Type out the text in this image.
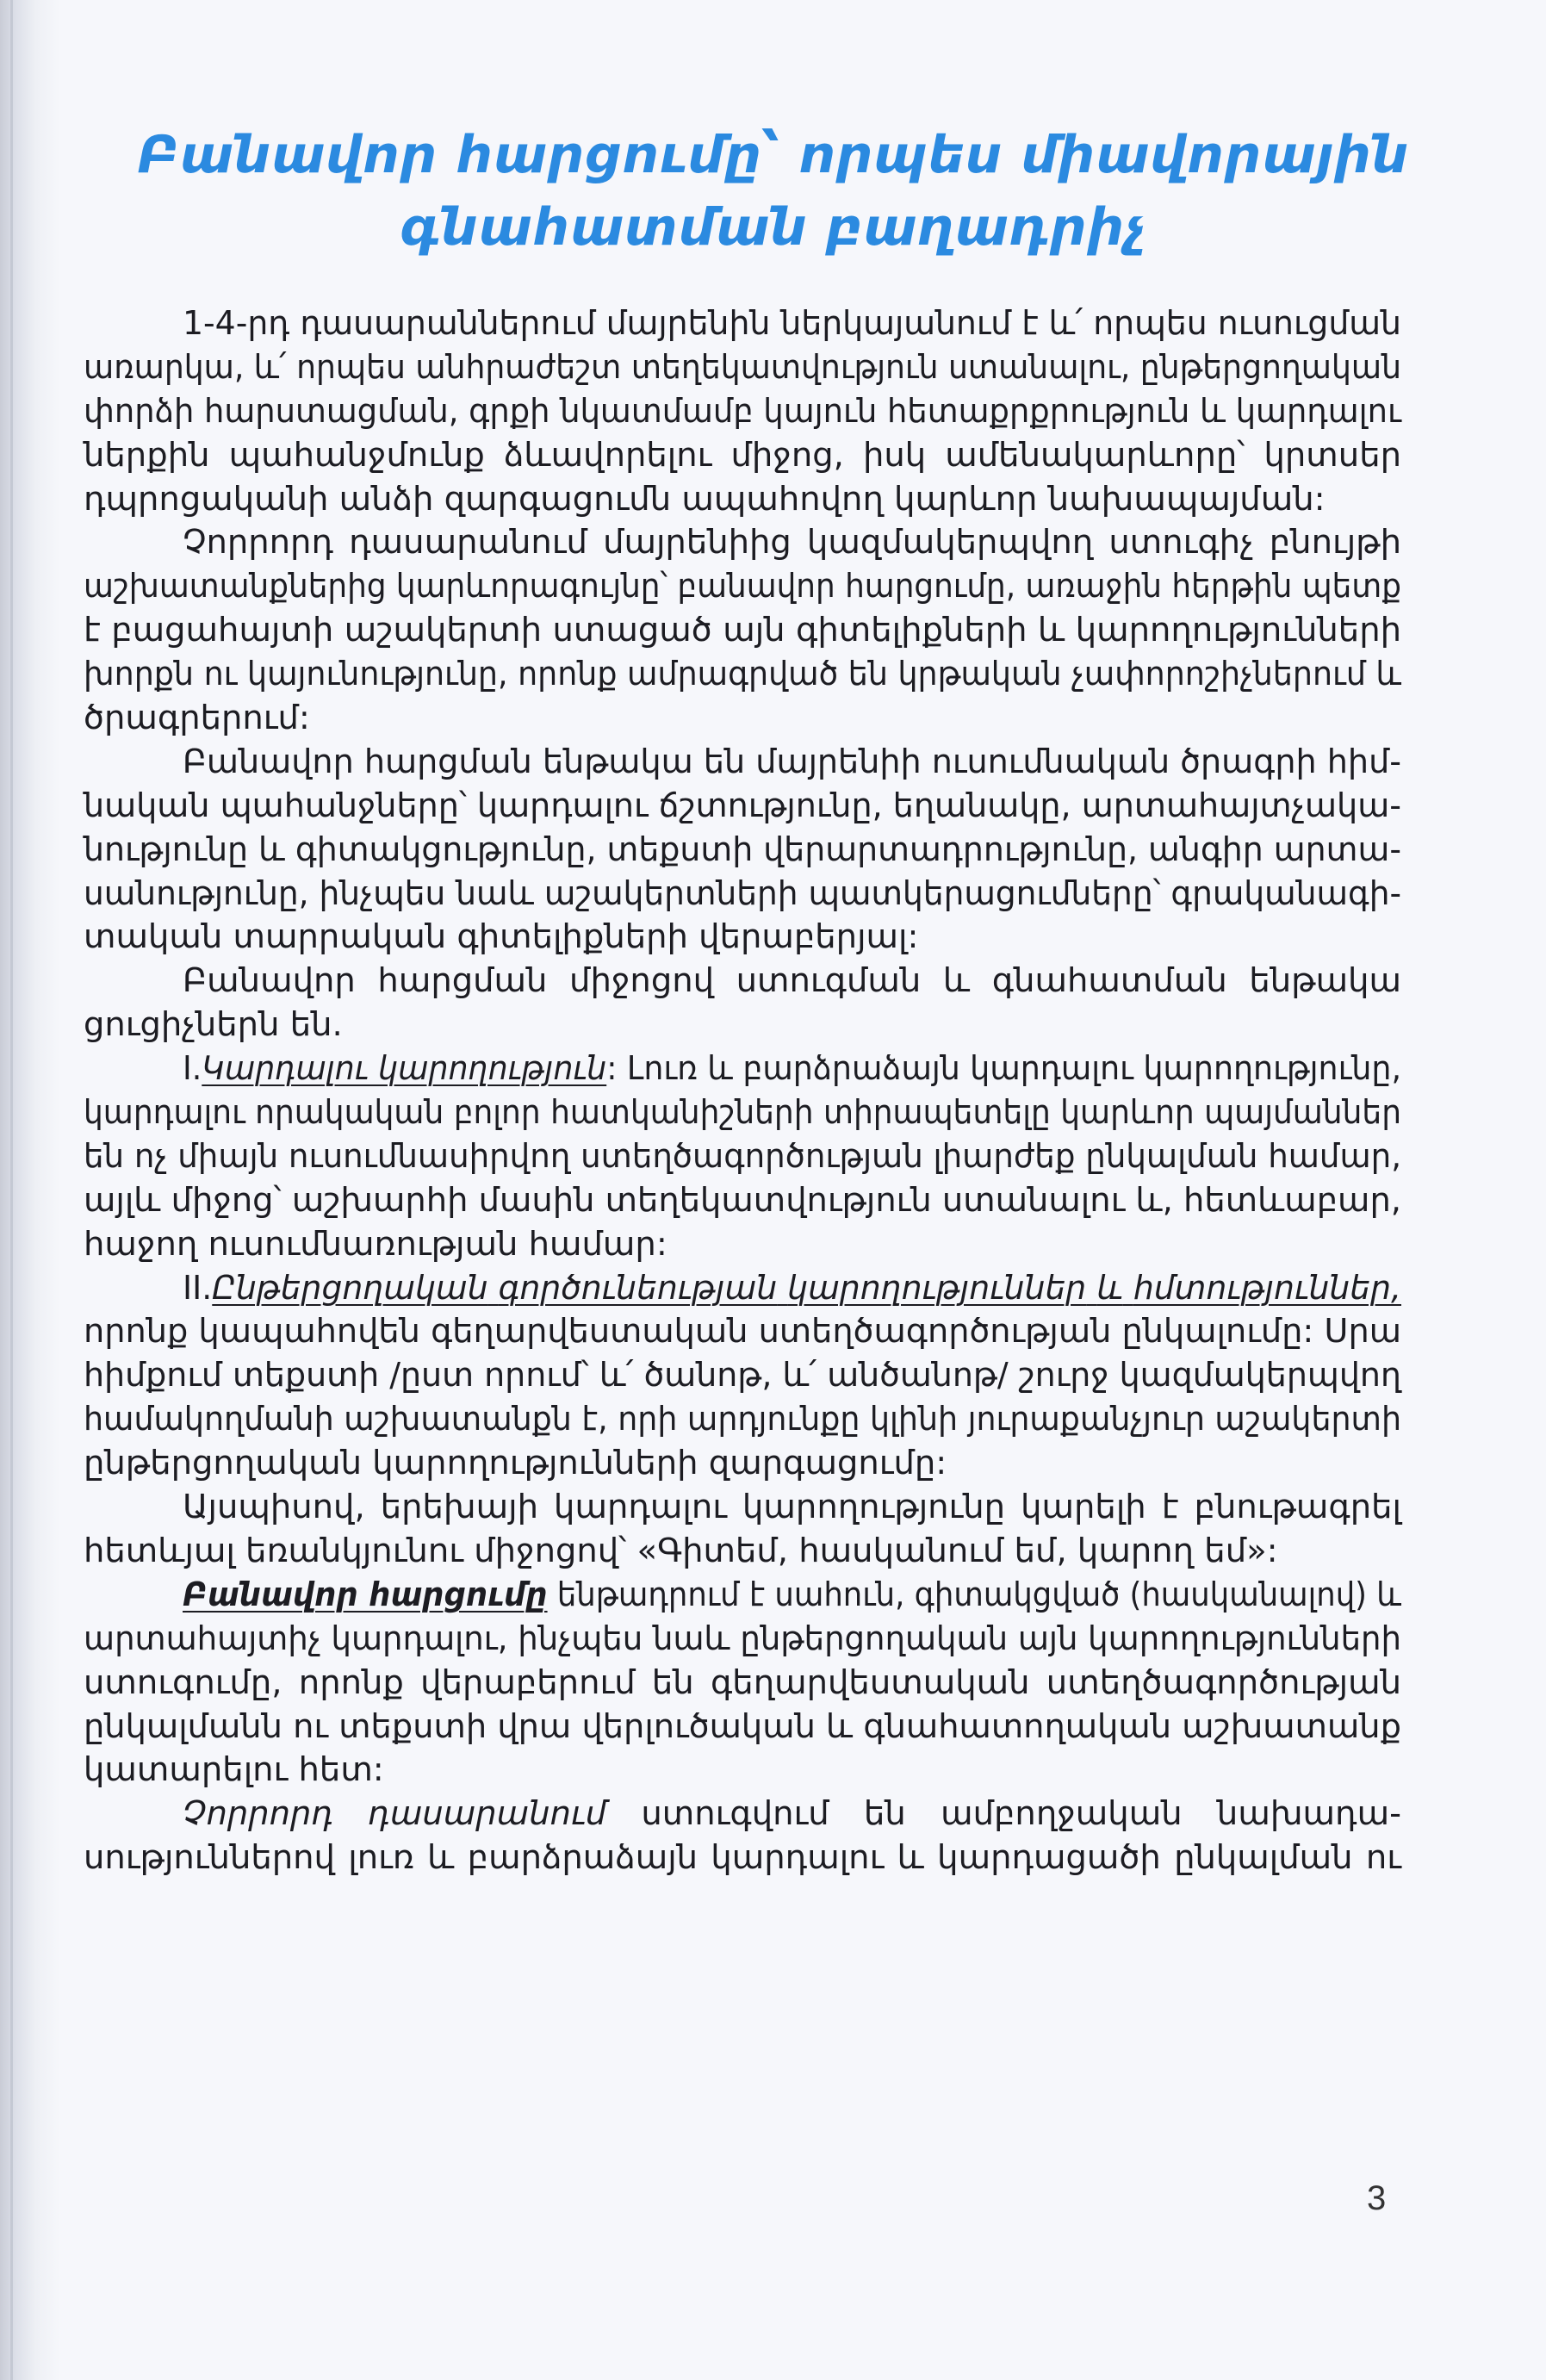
Բանավոր հարցումը՝ որպես միավորային
գնահատման բաղադրիչ
1-4-րդ դասարաններում մայրենին ներկայանում է և՛ որպես ուսուցման
առարկա, և՛ որպես անհրաժեշտ տեղեկատվություն ստանալու, ընթերցողական
փորձի հարստացման, գրքի նկատմամբ կայուն հետաքրքրություն և կարդալու
ներքին պահանջմունք ձևավորելու միջոց, իսկ ամենակարևորը՝ կրտսեր
դպրոցականի անձի զարգացումն ապահովող կարևոր նախապայման:
Չորրորդ դասարանում մայրենիից կազմակերպվող ստուգիչ բնույթի
աշխատանքներից կարևորագույնը՝ բանավոր հարցումը, առաջին հերթին պետք
է բացահայտի աշակերտի ստացած այն գիտելիքների և կարողությունների
խորքն ու կայունությունը, որոնք ամրագրված են կրթական չափորոշիչներում և
ծրագրերում:
Բանավոր հարցման ենթակա են մայրենիի ուսումնական ծրագրի հիմ-
նական պահանջները՝ կարդալու ճշտությունը, եղանակը, արտահայտչակա-
նությունը և գիտակցությունը, տեքստի վերարտադրությունը, անգիր արտա-
սանությունը, ինչպես նաև աշակերտների պատկերացումները՝ գրականագի-
տական տարրական գիտելիքների վերաբերյալ:
Բանավոր հարցման միջոցով ստուգման և գնահատման ենթակա
ցուցիչներն են.
I.Կարդալու կարողություն: Լուռ և բարձրաձայն կարդալու կարողությունը,
կարդալու որակական բոլոր հատկանիշների տիրապետելը կարևոր պայմաններ
են ոչ միայն ուսումնասիրվող ստեղծագործության լիարժեք ընկալման համար,
այլև միջոց՝ աշխարհի մասին տեղեկատվություն ստանալու և, հետևաբար,
հաջող ուսումնառության համար:
II.Ընթերցողական գործունեության կարողություններ և հմտություններ,
որոնք կապահովեն գեղարվեստական ստեղծագործության ընկալումը: Սրա
հիմքում տեքստի /ըստ որում՝ և՛ ծանոթ, և՛ անծանոթ/ շուրջ կազմակերպվող
համակողմանի աշխատանքն է, որի արդյունքը կլինի յուրաքանչյուր աշակերտի
ընթերցողական կարողությունների զարգացումը:
Այսպիսով, երեխայի կարդալու կարողությունը կարելի է բնութագրել
հետևյալ եռանկյունու միջոցով՝ «Գիտեմ, հասկանում եմ, կարող եմ»:
Բանավոր հարցումը ենթադրում է սահուն, գիտակցված (հասկանալով) և
արտահայտիչ կարդալու, ինչպես նաև ընթերցողական այն կարողությունների
ստուգումը, որոնք վերաբերում են գեղարվեստական ստեղծագործության
ընկալմանն ու տեքստի վրա վերլուծական և գնահատողական աշխատանք
կատարելու հետ:
Չորրորդ դասարանում ստուգվում են ամբողջական նախադա-
սություններով լուռ և բարձրաձայն կարդալու և կարդացածի ընկալման ու
3
